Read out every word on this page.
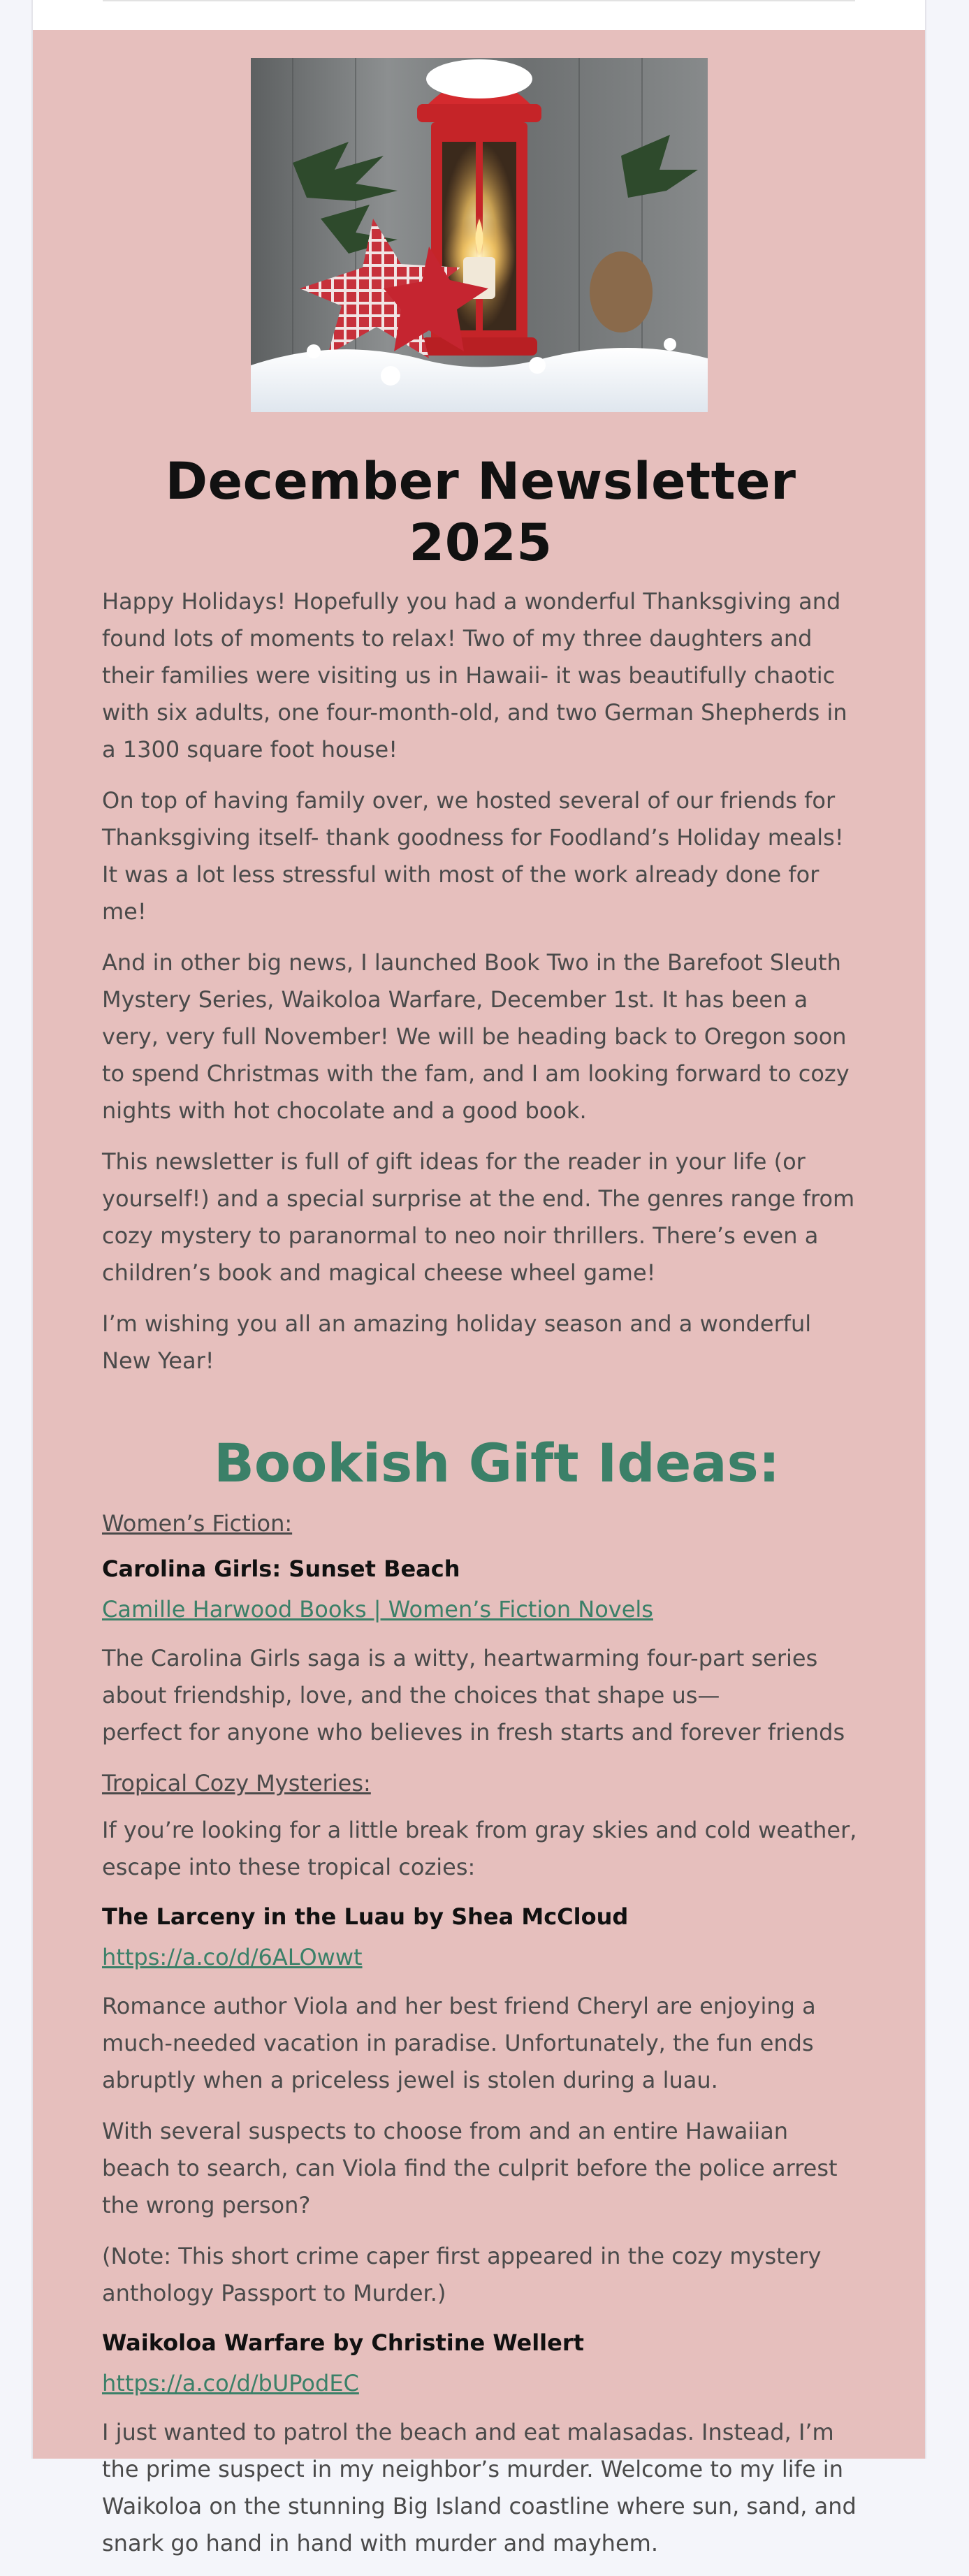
December Newsletter 2025

Happy Holidays! Hopefully you had a wonderful Thanksgiving and found lots of moments to relax! Two of my three daughters and their families were visiting us in Hawaii- it was beautifully chaotic with six adults, one four-month-old, and two German Shepherds in a 1300 square foot house!

On top of having family over, we hosted several of our friends for Thanksgiving itself- thank goodness for Foodland’s Holiday meals! It was a lot less stressful with most of the work already done for me!

And in other big news, I launched Book Two in the Barefoot Sleuth Mystery Series, Waikoloa Warfare, December 1st. It has been a very, very full November! We will be heading back to Oregon soon to spend Christmas with the fam, and I am looking forward to cozy nights with hot chocolate and a good book.

This newsletter is full of gift ideas for the reader in your life (or yourself!) and a special surprise at the end. The genres range from cozy mystery to paranormal to neo noir thrillers. There’s even a children’s book and magical cheese wheel game!

I’m wishing you all an amazing holiday season and a wonderful New Year!

Bookish Gift Ideas:
Women’s Fiction:
Carolina Girls: Sunset Beach
Camille Harwood Books | Women’s Fiction Novels

The Carolina Girls saga is a witty, heartwarming four-part series about friendship, love, and the choices that shape us—
perfect for anyone who believes in fresh starts and forever friends

Tropical Cozy Mysteries:

If you’re looking for a little break from gray skies and cold weather, escape into these tropical cozies:

The Larceny in the Luau by Shea McCloud
https://a.co/d/6ALOwwt

Romance author Viola and her best friend Cheryl are enjoying a much-needed vacation in paradise. Unfortunately, the fun ends abruptly when a priceless jewel is stolen during a luau.

With several suspects to choose from and an entire Hawaiian beach to search, can Viola find the culprit before the police arrest the wrong person?

(Note: This short crime caper first appeared in the cozy mystery anthology Passport to Murder.)

Waikoloa Warfare by Christine Wellert
https://a.co/d/bUPodEC

I just wanted to patrol the beach and eat malasadas. Instead, I’m the prime suspect in my neighbor’s murder. Welcome to my life in Waikoloa on the stunning Big Island coastline where sun, sand, and snark go hand in hand with murder and mayhem.
